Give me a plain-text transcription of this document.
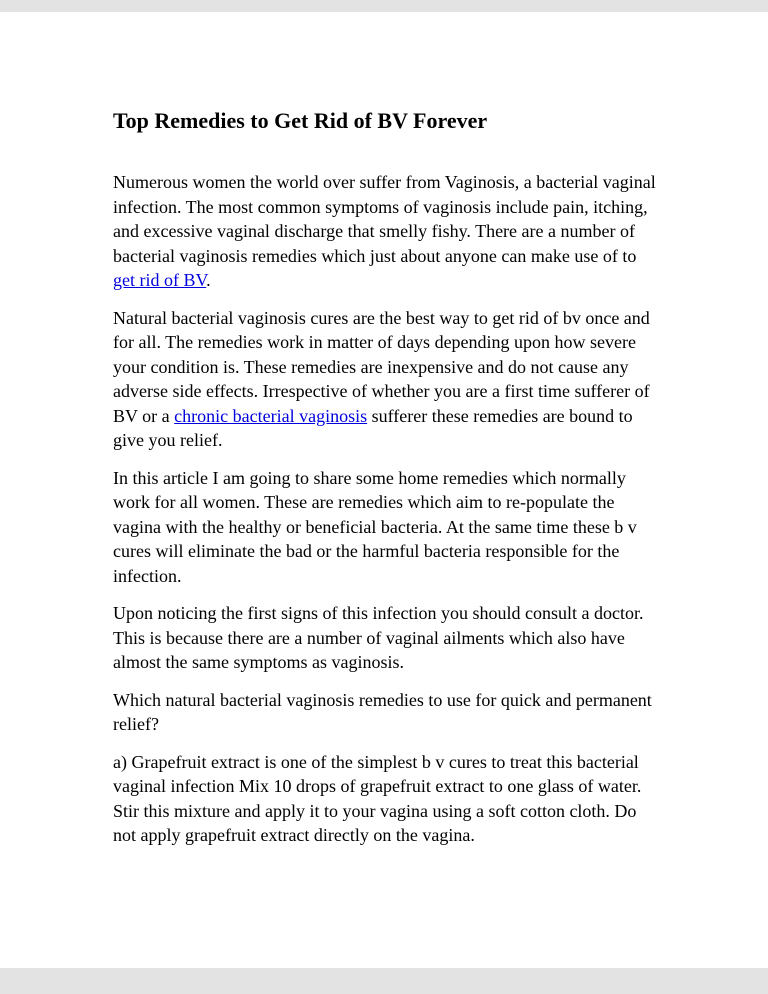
Top Remedies to Get Rid of BV Forever

Numerous women the world over suffer from Vaginosis, a bacterial vaginal infection. The most common symptoms of vaginosis include pain, itching, and excessive vaginal discharge that smelly fishy. There are a number of bacterial vaginosis remedies which just about anyone can make use of to get rid of BV.

Natural bacterial vaginosis cures are the best way to get rid of bv once and for all. The remedies work in matter of days depending upon how severe your condition is. These remedies are inexpensive and do not cause any adverse side effects. Irrespective of whether you are a first time sufferer of BV or a chronic bacterial vaginosis sufferer these remedies are bound to give you relief.

In this article I am going to share some home remedies which normally work for all women. These are remedies which aim to re-populate the vagina with the healthy or beneficial bacteria. At the same time these b v cures will eliminate the bad or the harmful bacteria responsible for the infection.

Upon noticing the first signs of this infection you should consult a doctor. This is because there are a number of vaginal ailments which also have almost the same symptoms as vaginosis.

Which natural bacterial vaginosis remedies to use for quick and permanent relief?

a) Grapefruit extract is one of the simplest b v cures to treat this bacterial vaginal infection Mix 10 drops of grapefruit extract to one glass of water. Stir this mixture and apply it to your vagina using a soft cotton cloth. Do not apply grapefruit extract directly on the vagina.
